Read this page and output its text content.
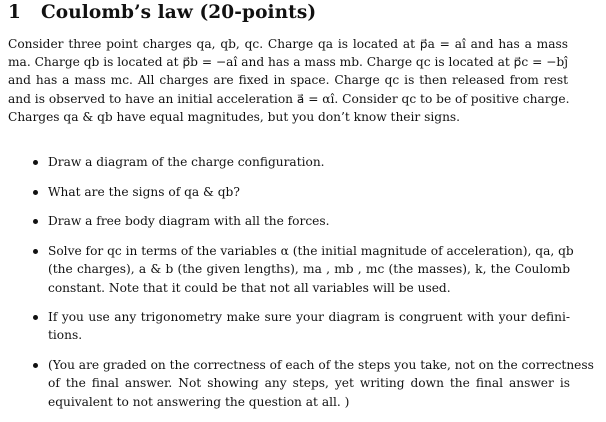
1 Coulomb’s law (20-points)
Consider three point charges qa, qb, qc. Charge qa is located at p⃗a = aî and has a mass
ma. Charge qb is located at p⃗b = −aî and has a mass mb. Charge qc is located at p⃗c = −bĵ
and has a mass mc. All charges are fixed in space. Charge qc is then released from rest
and is observed to have an initial acceleration a⃗ = αî. Consider qc to be of positive charge.
Charges qa & qb have equal magnitudes, but you don’t know their signs.
Draw a diagram of the charge configuration.
What are the signs of qa & qb?
Draw a free body diagram with all the forces.
Solve for qc in terms of the variables α (the initial magnitude of acceleration), qa, qb
(the charges), a & b (the given lengths), ma , mb , mc (the masses), k, the Coulomb
constant. Note that it could be that not all variables will be used.
If you use any trigonometry make sure your diagram is congruent with your defini-
tions.
(You are graded on the correctness of each of the steps you take, not on the correctness
of the final answer. Not showing any steps, yet writing down the final answer is
equivalent to not answering the question at all. )
